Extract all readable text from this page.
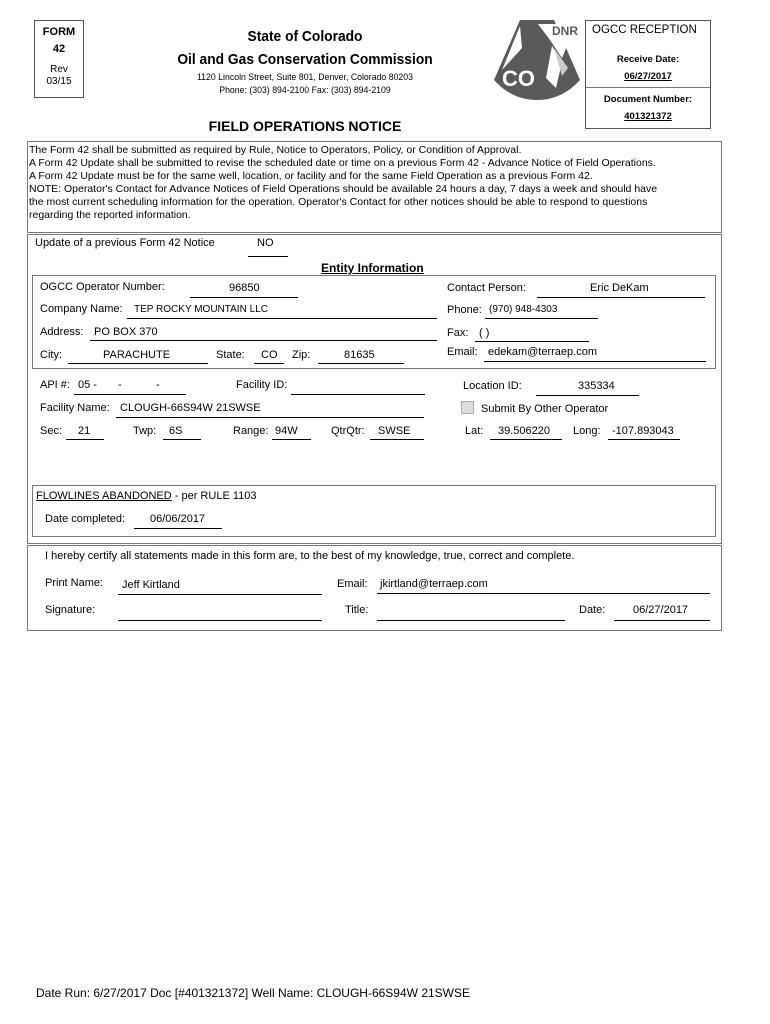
FORM
42
Rev
03/15
State of Colorado
Oil and Gas Conservation Commission
1120 Lincoln Street, Suite 801, Denver, Colorado 80203
Phone: (303) 894-2100 Fax: (303) 894-2109
FIELD OPERATIONS NOTICE
DNR
CO
OGCC RECEPTION
Receive Date:
06/27/2017
Document Number:
401321372
The Form 42 shall be submitted as required by Rule, Notice to Operators, Policy, or Condition of Approval.
A Form 42 Update shall be submitted to revise the scheduled date or time on a previous Form 42 - Advance Notice of Field Operations.
A Form 42 Update must be for the same well, location, or facility and for the same Field Operation as a previous Form 42.
NOTE: Operator's Contact for Advance Notices of Field Operations should be available 24 hours a day, 7 days a week and should have
the most current scheduling information for the operation. Operator's Contact for other notices should be able to respond to questions
regarding the reported information.
Update of a previous Form 42 Notice	NO
Entity Information
OGCC Operator Number:	96850	Contact Person:	Eric DeKam
Company Name: TEP ROCKY MOUNTAIN LLC	Phone: (970) 948-4303
Address: PO BOX 370	Fax: ( )
City:	PARACHUTE	State: CO Zip:	81635	Email: edekam@terraep.com
API #: 05 - -	-	Facility ID:	Location ID:	335334
Facility Name: CLOUGH-66S94W 21SWSE	Submit By Other Operator
Sec: 21	Twp: 6S	Range: 94W	QtrQtr: SWSE	Lat: 39.506220 Long: -107.893043
FLOWLINES ABANDONED - per RULE 1103
Date completed: 06/06/2017
I hereby certify all statements made in this form are, to the best of my knowledge, true, correct and complete.
Print Name: Jeff Kirtland	Email: jkirtland@terraep.com
Signature:	Title:	Date:	06/27/2017
Date Run: 6/27/2017 Doc [#401321372] Well Name: CLOUGH-66S94W 21SWSE
